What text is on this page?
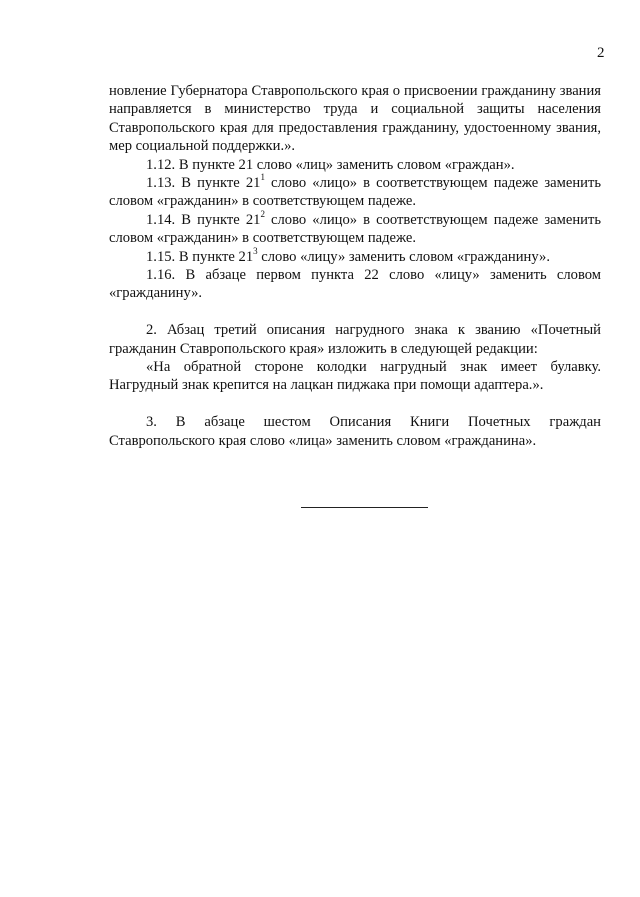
2

новление Губернатора Ставропольского края о присвоении гражданину звания направляется в министерство труда и социальной защиты населения Ставропольского края для предоставления гражданину, удостоенному звания, мер социальной поддержки.».

1.12. В пункте 21 слово «лиц» заменить словом «граждан».

1.13. В пункте $21^1$ слово «лицо» в соответствующем падеже заменить словом «гражданин» в соответствующем падеже.

1.14. В пункте $21^2$ слово «лицо» в соответствующем падеже заменить словом «гражданин» в соответствующем падеже.

1.15. В пункте $21^3$ слово «лицу» заменить словом «гражданину».

1.16. В абзаце первом пункта 22 слово «лицу» заменить словом «гражданину».

2. Абзац третий описания нагрудного знака к званию «Почетный гражданин Ставропольского края» изложить в следующей редакции:

«На обратной стороне колодки нагрудный знак имеет булавку. Нагрудный знак крепится на лацкан пиджака при помощи адаптера.».

3. В абзаце шестом Описания Книги Почетных граждан Ставропольского края слово «лица» заменить словом «гражданина».
